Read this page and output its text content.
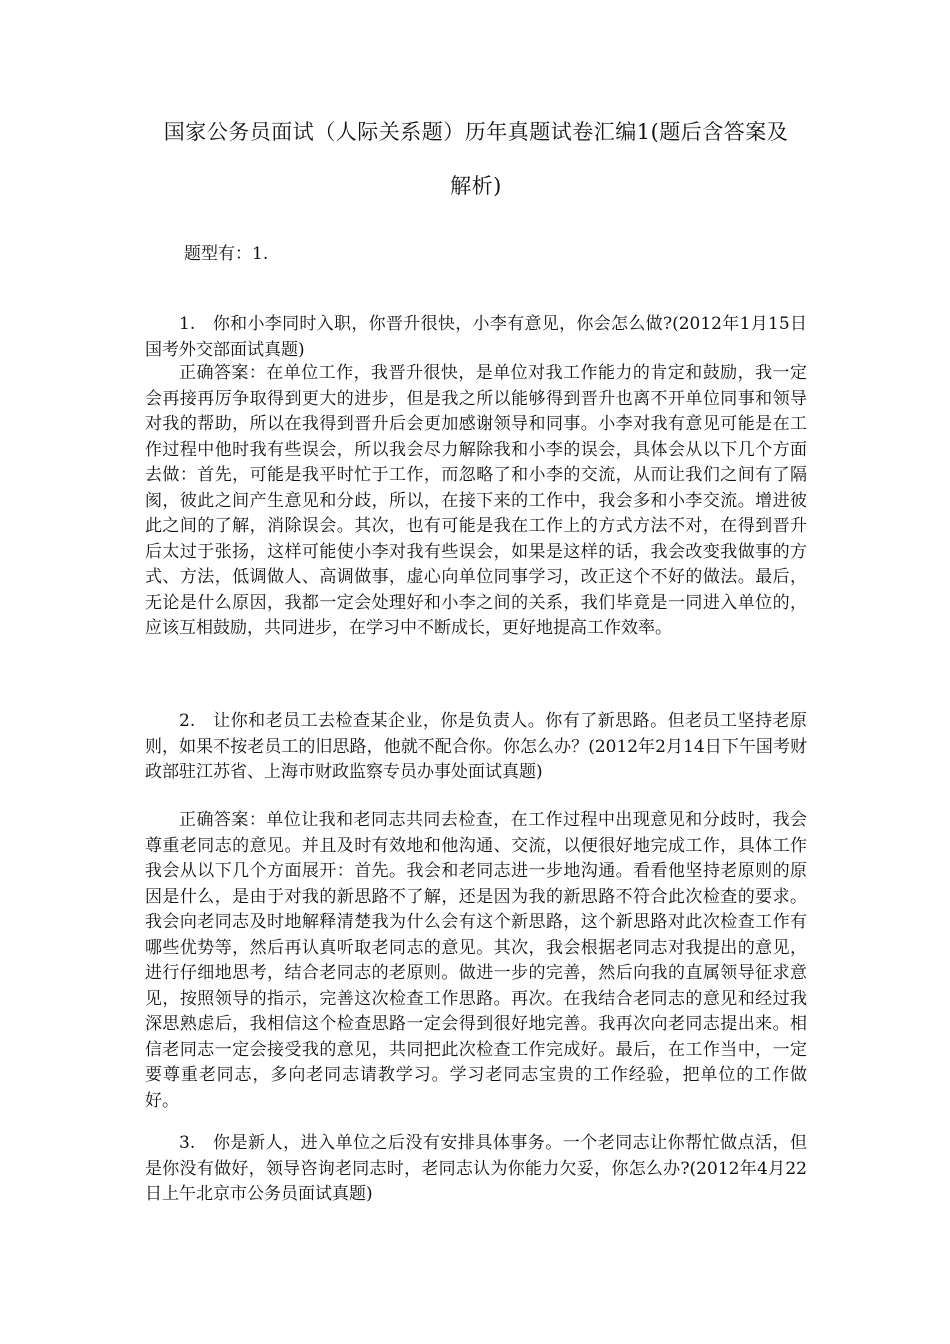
国家公务员面试（人际关系题）历年真题试卷汇编1(题后含答案及
解析)

题型有：1.

1.　你和小李同时入职，你晋升很快，小李有意见，你会怎么做?(2012年1月15日国考外交部面试真题)

正确答案：在单位工作，我晋升很快，是单位对我工作能力的肯定和鼓励，我一定会再接再厉争取得到更大的进步，但是我之所以能够得到晋升也离不开单位同事和领导对我的帮助，所以在我得到晋升后会更加感谢领导和同事。小李对我有意见可能是在工作过程中他时我有些误会，所以我会尽力解除我和小李的误会，具体会从以下几个方面去做：首先，可能是我平时忙于工作，而忽略了和小李的交流，从而让我们之间有了隔阂，彼此之间产生意见和分歧，所以，在接下来的工作中，我会多和小李交流。增进彼此之间的了解，消除误会。其次，也有可能是我在工作上的方式方法不对，在得到晋升后太过于张扬，这样可能使小李对我有些误会，如果是这样的话，我会改变我做事的方式、方法，低调做人、高调做事，虚心向单位同事学习，改正这个不好的做法。最后，无论是什么原因，我都一定会处理好和小李之间的关系，我们毕竟是一同进入单位的，应该互相鼓励，共同进步，在学习中不断成长，更好地提高工作效率。

2.　让你和老员工去检查某企业，你是负责人。你有了新思路。但老员工坚持老原则，如果不按老员工的旧思路，他就不配合你。你怎么办？(2012年2月14日下午国考财政部驻江苏省、上海市财政监察专员办事处面试真题)

正确答案：单位让我和老同志共同去检查，在工作过程中出现意见和分歧时，我会尊重老同志的意见。并且及时有效地和他沟通、交流，以便很好地完成工作，具体工作我会从以下几个方面展开：首先。我会和老同志进一步地沟通。看看他坚持老原则的原因是什么，是由于对我的新思路不了解，还是因为我的新思路不符合此次检查的要求。我会向老同志及时地解释清楚我为什么会有这个新思路，这个新思路对此次检查工作有哪些优势等，然后再认真听取老同志的意见。其次，我会根据老同志对我提出的意见，进行仔细地思考，结合老同志的老原则。做进一步的完善，然后向我的直属领导征求意见，按照领导的指示，完善这次检查工作思路。再次。在我结合老同志的意见和经过我深思熟虑后，我相信这个检查思路一定会得到很好地完善。我再次向老同志提出来。相信老同志一定会接受我的意见，共同把此次检查工作完成好。最后，在工作当中，一定要尊重老同志，多向老同志请教学习。学习老同志宝贵的工作经验，把单位的工作做好。

3.　你是新人，进入单位之后没有安排具体事务。一个老同志让你帮忙做点活，但是你没有做好，领导咨询老同志时，老同志认为你能力欠妥，你怎么办?(2012年4月22日上午北京市公务员面试真题)
